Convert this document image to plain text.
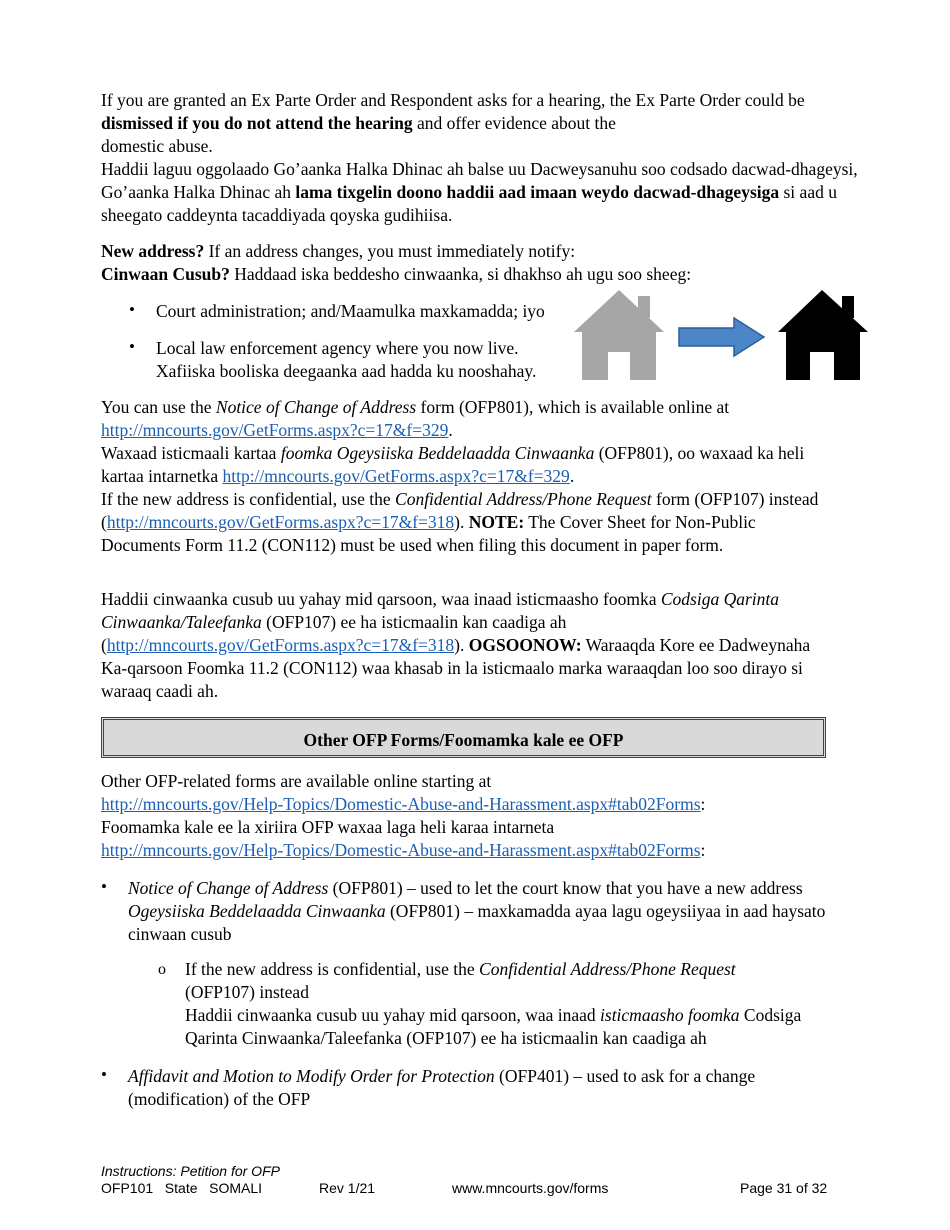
If you are granted an Ex Parte Order and Respondent asks for a hearing, the Ex Parte Order could be dismissed if you do not attend the hearing and offer evidence about the
domestic abuse.

Haddii laguu oggolaado Go’aanka Halka Dhinac ah balse uu Dacweysanuhu soo codsado dacwad-dhageysi, Go’aanka Halka Dhinac ah lama tixgelin doono haddii aad imaan weydo dacwad-dhageysiga si aad u sheegato caddeynta tacaddiyada qoyska gudihiisa.

New address? If an address changes, you must immediately notify:

Cinwaan Cusub? Haddaad iska beddesho cinwaanka, si dhakhso ah ugu soo sheeg:

• Court administration; and/Maamulka maxkamadda; iyo
• Local law enforcement agency where you now live.
Xafiiska booliska deegaanka aad hadda ku nooshahay.

You can use the Notice of Change of Address form (OFP801), which is available online at
http://mncourts.gov/GetForms.aspx?c=17&f=329.

Waxaad isticmaali kartaa foomka Ogeysiiska Beddelaadda Cinwaanka (OFP801), oo waxaad ka heli kartaa intarnetka http://mncourts.gov/GetForms.aspx?c=17&f=329.

If the new address is confidential, use the Confidential Address/Phone Request form (OFP107) instead (http://mncourts.gov/GetForms.aspx?c=17&f=318). NOTE: The Cover Sheet for Non-Public Documents Form 11.2 (CON112) must be used when filing this document in paper form.

Haddii cinwaanka cusub uu yahay mid qarsoon, waa inaad isticmaasho foomka Codsiga Qarinta Cinwaanka/Taleefanka (OFP107) ee ha isticmaalin kan caadiga ah (http://mncourts.gov/GetForms.aspx?c=17&f=318). OGSOONOW: Waraaqda Kore ee Dadweynaha Ka-qarsoon Foomka 11.2 (CON112) waa khasab in la isticmaalo marka waraaqdan loo soo dirayo si waraaq caadi ah.

Other OFP Forms/Foomamka kale ee OFP

Other OFP-related forms are available online starting at
http://mncourts.gov/Help-Topics/Domestic-Abuse-and-Harassment.aspx#tab02Forms:

Foomamka kale ee la xiriira OFP waxaa laga heli karaa intarneta
http://mncourts.gov/Help-Topics/Domestic-Abuse-and-Harassment.aspx#tab02Forms:

• Notice of Change of Address (OFP801) – used to let the court know that you have a new address

Ogeysiiska Beddelaadda Cinwaanka (OFP801) – maxkamadda ayaa lagu ogeysiiyaa in aad haysato cinwaan cusub

o If the new address is confidential, use the Confidential Address/Phone Request
(OFP107) instead

Haddii cinwaanka cusub uu yahay mid qarsoon, waa inaad isticmaasho foomka Codsiga Qarinta Cinwaanka/Taleefanka (OFP107) ee ha isticmaalin kan caadiga ah

• Affidavit and Motion to Modify Order for Protection (OFP401) – used to ask for a change (modification) of the OFP

Instructions: Petition for OFP
OFP101   State   SOMALI	Rev 1/21	www.mncourts.gov/forms	Page 31 of 32
